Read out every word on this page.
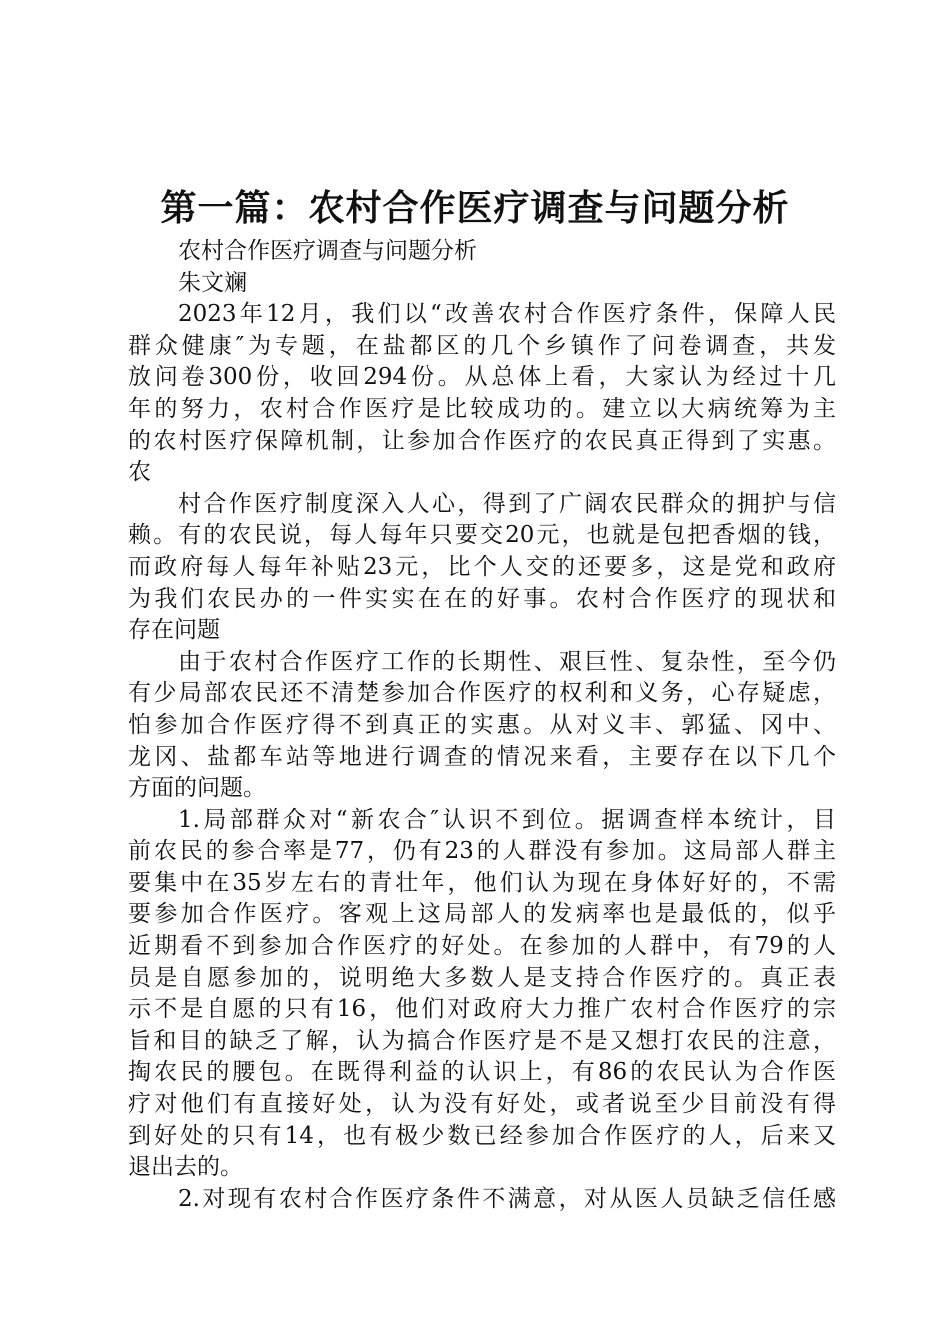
第一篇：农村合作医疗调查与问题分析
农村合作医疗调查与问题分析
朱文斓
2023年12月，我们以“改善农村合作医疗条件，保障人民
群众健康″为专题，在盐都区的几个乡镇作了问卷调查，共发
放问卷300份，收回294份。从总体上看，大家认为经过十几
年的努力，农村合作医疗是比较成功的。建立以大病统筹为主
的农村医疗保障机制，让参加合作医疗的农民真正得到了实惠。
农
村合作医疗制度深入人心，得到了广阔农民群众的拥护与信
赖。有的农民说，每人每年只要交20元，也就是包把香烟的钱，
而政府每人每年补贴23元，比个人交的还要多，这是党和政府
为我们农民办的一件实实在在的好事。农村合作医疗的现状和
存在问题
由于农村合作医疗工作的长期性、艰巨性、复杂性，至今仍
有少局部农民还不清楚参加合作医疗的权利和义务，心存疑虑，
怕参加合作医疗得不到真正的实惠。从对义丰、郭猛、冈中、
龙冈、盐都车站等地进行调查的情况来看，主要存在以下几个
方面的问题。
1.局部群众对“新农合″认识不到位。据调查样本统计，目
前农民的参合率是77，仍有23的人群没有参加。这局部人群主
要集中在35岁左右的青壮年，他们认为现在身体好好的，不需
要参加合作医疗。客观上这局部人的发病率也是最低的，似乎
近期看不到参加合作医疗的好处。在参加的人群中，有79的人
员是自愿参加的，说明绝大多数人是支持合作医疗的。真正表
示不是自愿的只有16，他们对政府大力推广农村合作医疗的宗
旨和目的缺乏了解，认为搞合作医疗是不是又想打农民的注意，
掏农民的腰包。在既得利益的认识上，有86的农民认为合作医
疗对他们有直接好处，认为没有好处，或者说至少目前没有得
到好处的只有14，也有极少数已经参加合作医疗的人，后来又
退出去的。
2.对现有农村合作医疗条件不满意，对从医人员缺乏信任感
